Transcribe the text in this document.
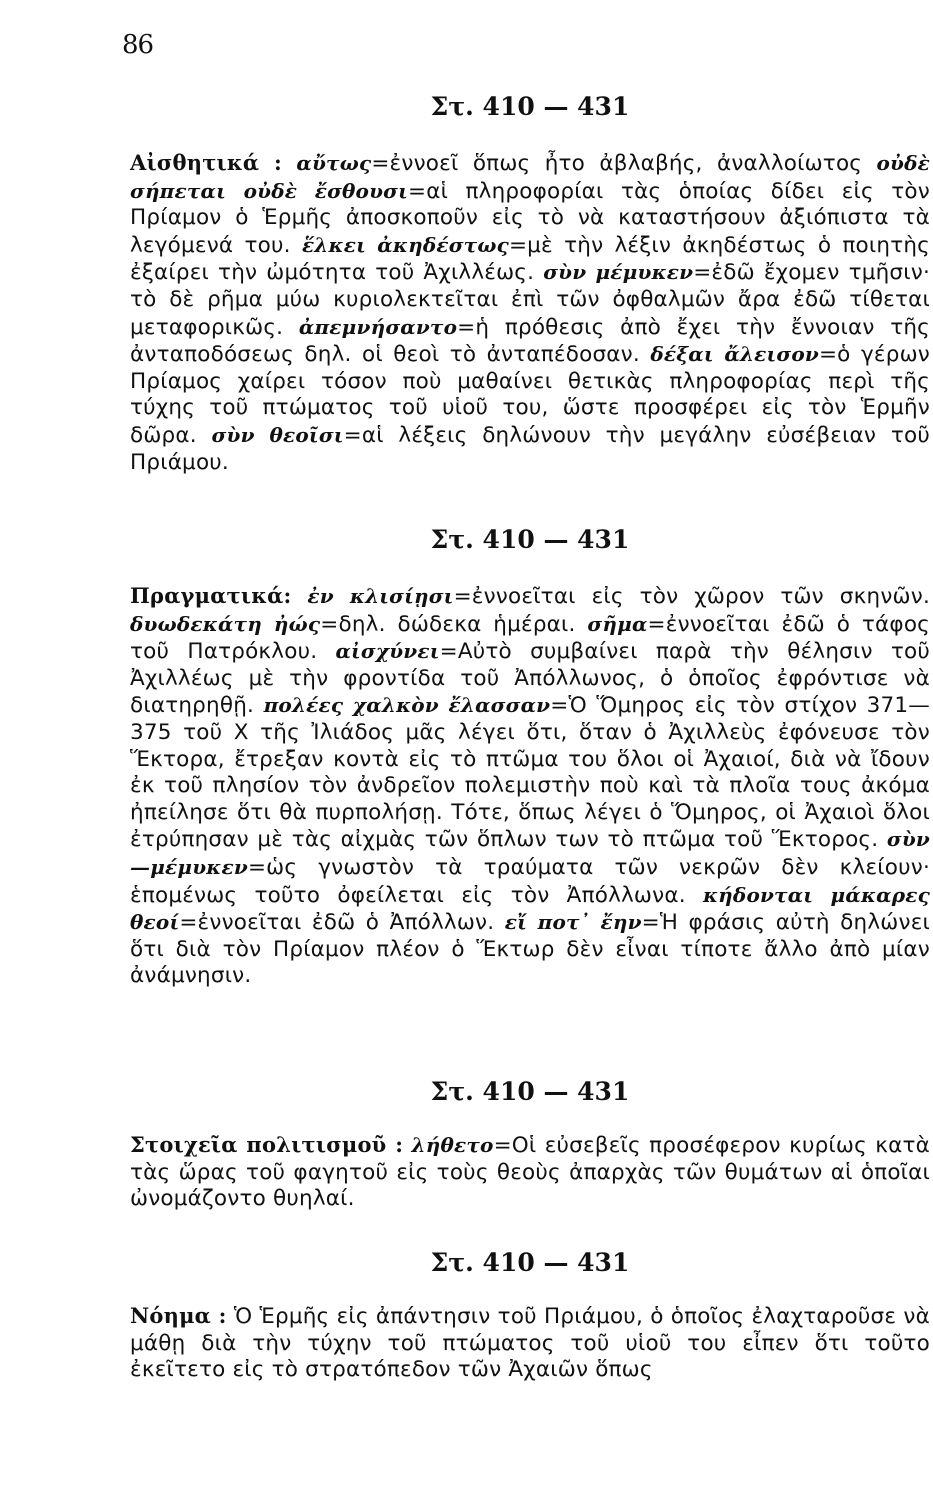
86
Στ. 410 — 431
Αἰσθητικά : αὔτως=ἐννοεῖ ὅπως ἦτο ἀβλαβής, ἀναλλοίωτος οὐδὲ σήπεται οὐδὲ ἔσθουσι=αἱ πληροφορίαι τὰς ὁποίας δίδει εἰς τὸν Πρίαμον ὁ Ἑρμῆς ἀποσκοποῦν εἰς τὸ νὰ καταστήσουν ἀξιόπιστα τὰ λεγόμενά του. ἕλκει ἀκηδέστως=μὲ τὴν λέξιν ἀκηδέστως ὁ ποιητὴς ἐξαίρει τὴν ὠμότητα τοῦ Ἀχιλλέως. σὺν μέμυκεν=ἐδῶ ἔχομεν τμῆσιν· τὸ δὲ ρῆμα μύω κυριολεκτεῖται ἐπὶ τῶν ὀφθαλμῶν ἄρα ἐδῶ τίθεται μεταφορικῶς. ἀπεμνήσαντο=ἡ πρόθεσις ἀπὸ ἔχει τὴν ἔννοιαν τῆς ἀνταποδόσεως δηλ. οἱ θεοὶ τὸ ἀνταπέδοσαν. δέξαι ἄλεισον=ὁ γέρων Πρίαμος χαίρει τόσον ποὺ μαθαίνει θετικὰς πληροφορίας περὶ τῆς τύχης τοῦ πτώματος τοῦ υἱοῦ του, ὥστε προσφέρει εἰς τὸν Ἑρμῆν δῶρα. σὺν θεοῖσι=αἱ λέξεις δηλώνουν τὴν μεγάλην εὐσέβειαν τοῦ Πριάμου.
Στ. 410 — 431
Πραγματικά: ἐν κλισίῃσι=ἐννοεῖται εἰς τὸν χῶρον τῶν σκηνῶν. δυωδεκάτη ἠώς=δηλ. δώδεκα ἡμέραι. σῆμα=ἐννοεῖται ἐδῶ ὁ τάφος τοῦ Πατρόκλου. αἰσχύνει=Αὐτὸ συμβαίνει παρὰ τὴν θέλησιν τοῦ Ἀχιλλέως μὲ τὴν φροντίδα τοῦ Ἀπόλλωνος, ὁ ὁποῖος ἐφρόντισε νὰ διατηρηθῇ. πολέες χαλκὸν ἔλασσαν=Ὁ Ὅμηρος εἰς τὸν στίχον 371—375 τοῦ Χ τῆς Ἰλιάδος μᾶς λέγει ὅτι, ὅταν ὁ Ἀχιλλεὺς ἐφόνευσε τὸν Ἕκτορα, ἔτρεξαν κοντὰ εἰς τὸ πτῶμα του ὅλοι οἱ Ἀχαιοί, διὰ νὰ ἴδουν ἐκ τοῦ πλησίον τὸν ἀνδρεῖον πολεμιστὴν ποὺ καὶ τὰ πλοῖα τους ἀκόμα ἠπείλησε ὅτι θὰ πυρπολήσῃ. Τότε, ὅπως λέγει ὁ Ὅμηρος, οἱ Ἀχαιοὶ ὅλοι ἐτρύπησαν μὲ τὰς αἰχμὰς τῶν ὅπλων των τὸ πτῶμα τοῦ Ἕκτορος. σὺν—μέμυκεν=ὡς γνωστὸν τὰ τραύματα τῶν νεκρῶν δὲν κλείουν· ἑπομένως τοῦτο ὀφείλεται εἰς τὸν Ἀπόλλωνα. κήδονται μάκαρες θεοί=ἐννοεῖται ἐδῶ ὁ Ἀπόλλων. εἴ ποτ᾽ ἔην=Ἡ φράσις αὐτὴ δηλώνει ὅτι διὰ τὸν Πρίαμον πλέον ὁ Ἕκτωρ δὲν εἶναι τίποτε ἄλλο ἀπὸ μίαν ἀνάμνησιν.
Στ. 410 — 431
Στοιχεῖα πολιτισμοῦ : λήθετο=Οἱ εὐσεβεῖς προσέφερον κυρίως κατὰ τὰς ὥρας τοῦ φαγητοῦ εἰς τοὺς θεοὺς ἀπαρχὰς τῶν θυμάτων αἱ ὁποῖαι ὠνομάζοντο θυηλαί.
Στ. 410 — 431
Νόημα : Ὁ Ἑρμῆς εἰς ἀπάντησιν τοῦ Πριάμου, ὁ ὁποῖος ἐλαχταροῦσε νὰ μάθῃ διὰ τὴν τύχην τοῦ πτώματος τοῦ υἱοῦ του εἶπεν ὅτι τοῦτο ἐκεῖτετο εἰς τὸ στρατόπεδον τῶν Ἀχαιῶν ὅπως
